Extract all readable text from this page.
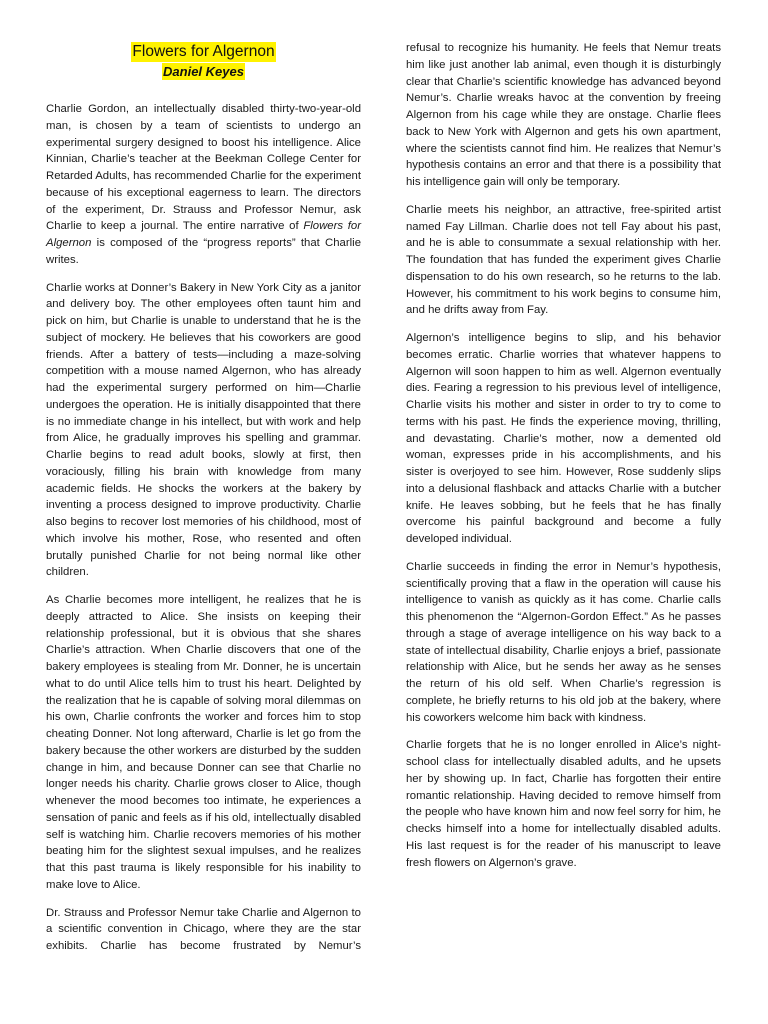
Flowers for Algernon
Daniel Keyes

Charlie Gordon, an intellectually disabled thirty-two-year-old man, is chosen by a team of scientists to undergo an experimental surgery designed to boost his intelligence. Alice Kinnian, Charlie’s teacher at the Beekman College Center for Retarded Adults, has recommended Charlie for the experiment because of his exceptional eagerness to learn. The directors of the experiment, Dr. Strauss and Professor Nemur, ask Charlie to keep a journal. The entire narrative of Flowers for Algernon is composed of the “progress reports” that Charlie writes.

Charlie works at Donner’s Bakery in New York City as a janitor and delivery boy. The other employees often taunt him and pick on him, but Charlie is unable to understand that he is the subject of mockery. He believes that his coworkers are good friends. After a battery of tests—including a maze-solving competition with a mouse named Algernon, who has already had the experimental surgery performed on him—Charlie undergoes the operation. He is initially disappointed that there is no immediate change in his intellect, but with work and help from Alice, he gradually improves his spelling and grammar. Charlie begins to read adult books, slowly at first, then voraciously, filling his brain with knowledge from many academic fields. He shocks the workers at the bakery by inventing a process designed to improve productivity. Charlie also begins to recover lost memories of his childhood, most of which involve his mother, Rose, who resented and often brutally punished Charlie for not being normal like other children.

As Charlie becomes more intelligent, he realizes that he is deeply attracted to Alice. She insists on keeping their relationship professional, but it is obvious that she shares Charlie’s attraction. When Charlie discovers that one of the bakery employees is stealing from Mr. Donner, he is uncertain what to do until Alice tells him to trust his heart. Delighted by the realization that he is capable of solving moral dilemmas on his own, Charlie confronts the worker and forces him to stop cheating Donner. Not long afterward, Charlie is let go from the bakery because the other workers are disturbed by the sudden change in him, and because Donner can see that Charlie no longer needs his charity. Charlie grows closer to Alice, though whenever the mood becomes too intimate, he experiences a sensation of panic and feels as if his old, intellectually disabled self is watching him. Charlie recovers memories of his mother beating him for the slightest sexual impulses, and he realizes that this past trauma is likely responsible for his inability to make love to Alice.

Dr. Strauss and Professor Nemur take Charlie and Algernon to a scientific convention in Chicago, where they are the star exhibits. Charlie has become frustrated by Nemur’s

refusal to recognize his humanity. He feels that Nemur treats him like just another lab animal, even though it is disturbingly clear that Charlie’s scientific knowledge has advanced beyond Nemur’s. Charlie wreaks havoc at the convention by freeing Algernon from his cage while they are onstage. Charlie flees back to New York with Algernon and gets his own apartment, where the scientists cannot find him. He realizes that Nemur’s hypothesis contains an error and that there is a possibility that his intelligence gain will only be temporary.

Charlie meets his neighbor, an attractive, free-spirited artist named Fay Lillman. Charlie does not tell Fay about his past, and he is able to consummate a sexual relationship with her. The foundation that has funded the experiment gives Charlie dispensation to do his own research, so he returns to the lab. However, his commitment to his work begins to consume him, and he drifts away from Fay.

Algernon’s intelligence begins to slip, and his behavior becomes erratic. Charlie worries that whatever happens to Algernon will soon happen to him as well. Algernon eventually dies. Fearing a regression to his previous level of intelligence, Charlie visits his mother and sister in order to try to come to terms with his past. He finds the experience moving, thrilling, and devastating. Charlie’s mother, now a demented old woman, expresses pride in his accomplishments, and his sister is overjoyed to see him. However, Rose suddenly slips into a delusional flashback and attacks Charlie with a butcher knife. He leaves sobbing, but he feels that he has finally overcome his painful background and become a fully developed individual.

Charlie succeeds in finding the error in Nemur’s hypothesis, scientifically proving that a flaw in the operation will cause his intelligence to vanish as quickly as it has come. Charlie calls this phenomenon the “Algernon-Gordon Effect.” As he passes through a stage of average intelligence on his way back to a state of intellectual disability, Charlie enjoys a brief, passionate relationship with Alice, but he sends her away as he senses the return of his old self. When Charlie’s regression is complete, he briefly returns to his old job at the bakery, where his coworkers welcome him back with kindness.

Charlie forgets that he is no longer enrolled in Alice’s night-school class for intellectually disabled adults, and he upsets her by showing up. In fact, Charlie has forgotten their entire romantic relationship. Having decided to remove himself from the people who have known him and now feel sorry for him, he checks himself into a home for intellectually disabled adults. His last request is for the reader of his manuscript to leave fresh flowers on Algernon’s grave.
